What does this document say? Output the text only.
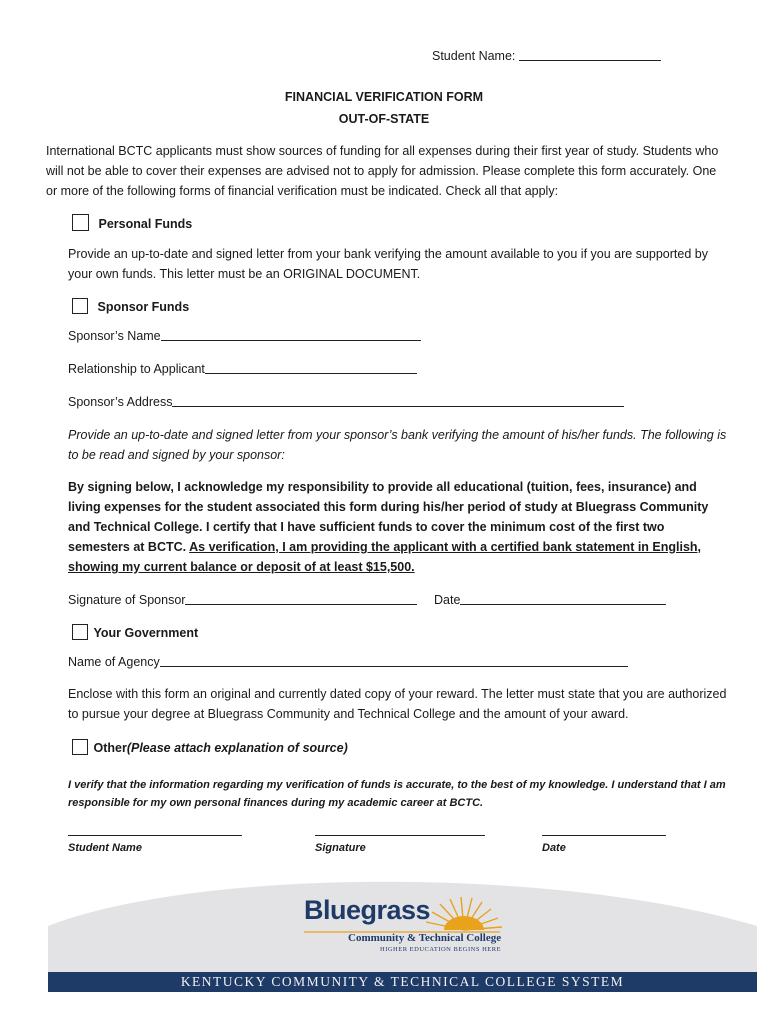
Student Name:
FINANCIAL VERIFICATION FORM
OUT-OF-STATE
International BCTC applicants must show sources of funding for all expenses during their first year of study. Students who will not be able to cover their expenses are advised not to apply for admission. Please complete this form accurately. One or more of the following forms of financial verification must be indicated. Check all that apply:
Personal Funds
Provide an up-to-date and signed letter from your bank verifying the amount available to you if you are supported by your own funds. This letter must be an ORIGINAL DOCUMENT.
Sponsor Funds
Sponsor’s Name
Relationship to Applicant
Sponsor’s Address
Provide an up-to-date and signed letter from your sponsor’s bank verifying the amount of his/her funds. The following is to be read and signed by your sponsor:
By signing below, I acknowledge my responsibility to provide all educational (tuition, fees, insurance) and living expenses for the student associated this form during his/her period of study at Bluegrass Community and Technical College. I certify that I have sufficient funds to cover the minimum cost of the first two semesters at BCTC. As verification, I am providing the applicant with a certified bank statement in English, showing my current balance or deposit of at least $15,500.
Signature of Sponsor	Date
Your Government
Name of Agency
Enclose with this form an original and currently dated copy of your reward. The letter must state that you are authorized to pursue your degree at Bluegrass Community and Technical College and the amount of your award.
Other(Please attach explanation of source)
I verify that the information regarding my verification of funds is accurate, to the best of my knowledge. I understand that I am responsible for my own personal finances during my academic career at BCTC.
Student Name	Signature	Date
Bluegrass
Community & Technical College
HIGHER EDUCATION BEGINS HERE
KENTUCKY COMMUNITY & TECHNICAL COLLEGE SYSTEM
